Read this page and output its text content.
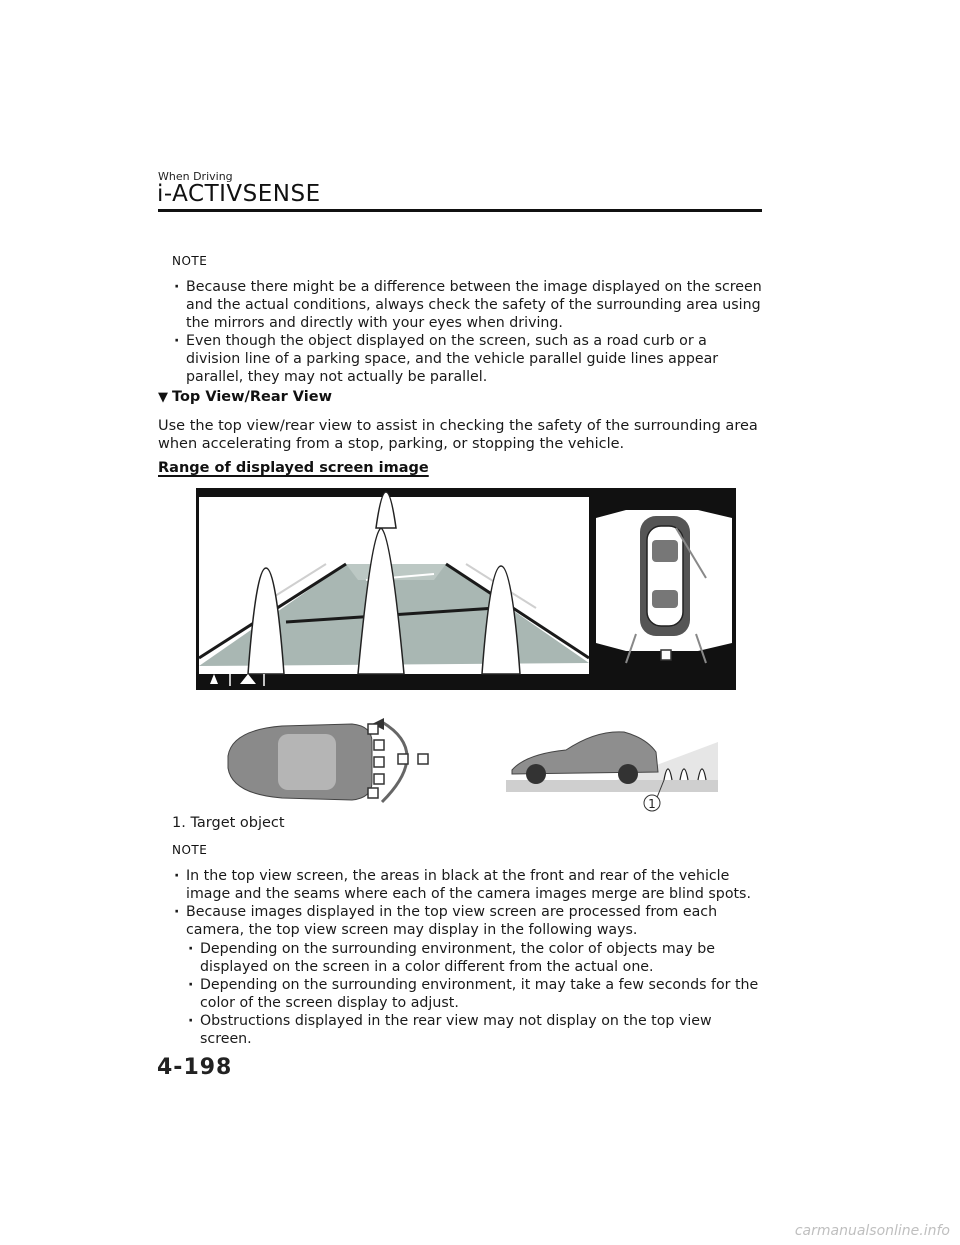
When Driving
i-ACTIVSENSE
NOTE
· Because there might be a difference between the image displayed on the screen and the actual conditions, always check the safety of the surrounding area using the mirrors and directly with your eyes when driving.
· Even though the object displayed on the screen, such as a road curb or a division line of a parking space, and the vehicle parallel guide lines appear parallel, they may not actually be parallel.
▼ Top View/Rear View
Use the top view/rear view to assist in checking the safety of the surrounding area when accelerating from a stop, parking, or stopping the vehicle.
Range of displayed screen image
1
1. Target object
NOTE
· In the top view screen, the areas in black at the front and rear of the vehicle image and the seams where each of the camera images merge are blind spots.
· Because images displayed in the top view screen are processed from each camera, the top view screen may display in the following ways.
· Depending on the surrounding environment, the color of objects may be displayed on the screen in a color different from the actual one.
· Depending on the surrounding environment, it may take a few seconds for the color of the screen display to adjust.
· Obstructions displayed in the rear view may not display on the top view screen.
4-198
carmanualsonline.info
